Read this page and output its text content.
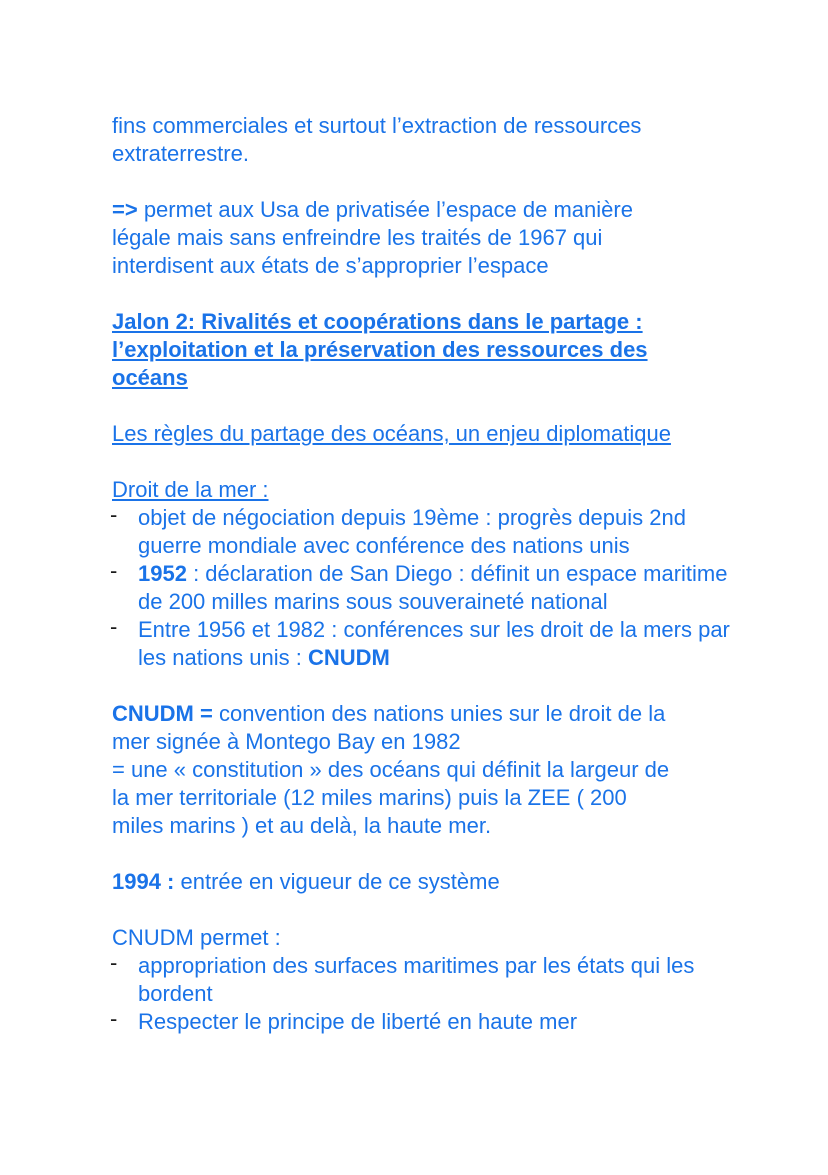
fins commerciales et surtout l’extraction de ressources
extraterrestre.

=> permet aux Usa de privatisée l’espace de manière
légale mais sans enfreindre les traités de 1967 qui
interdisent aux états de s’approprier l’espace

Jalon 2: Rivalités et coopérations dans le partage :
l’exploitation et la préservation des ressources des
océans

Les règles du partage des océans, un enjeu diplomatique

Droit de la mer :

- objet de négociation depuis 19ème : progrès depuis 2nd guerre mondiale avec conférence des nations unis
- 1952 : déclaration de San Diego : définit un espace maritime de 200 milles marins sous souveraineté national
- Entre 1956 et 1982 : conférences sur les droit de la mers par les nations unis : CNUDM

CNUDM = convention des nations unies sur le droit de la
mer signée à Montego Bay en 1982
= une « constitution » des océans qui définit la largeur de
la mer territoriale (12 miles marins) puis la ZEE ( 200
miles marins ) et au delà, la haute mer.

1994 : entrée en vigueur de ce système

CNUDM permet :

- appropriation des surfaces maritimes par les états qui les bordent
- Respecter le principe de liberté en haute mer
